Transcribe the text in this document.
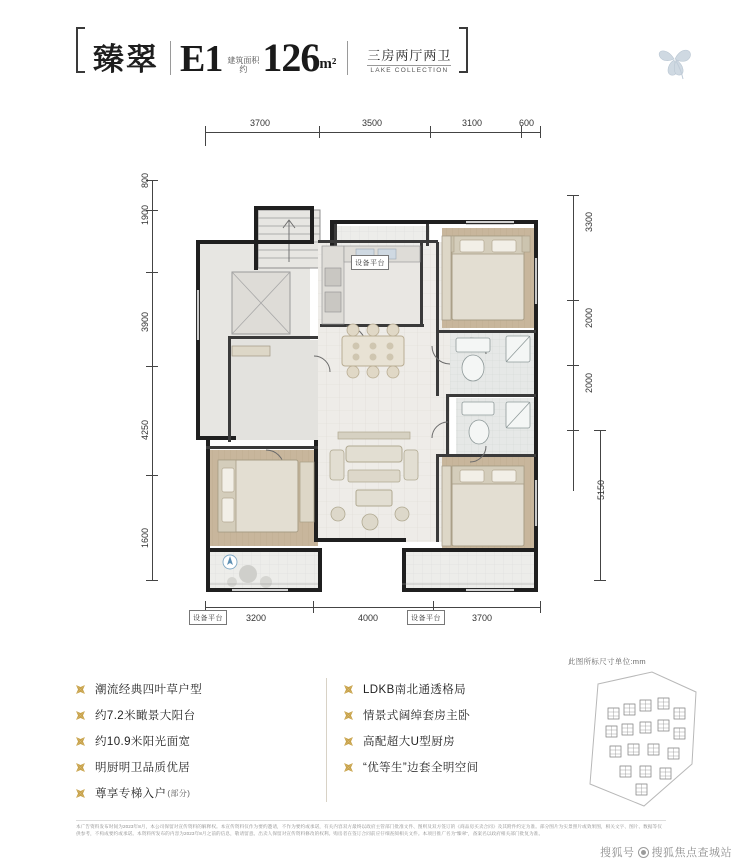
臻翠 E1 建筑面积
约 126 m²
三房两厅两卫
LAKE COLLECTION
3700	3500	3100	600
800
1900
3900
4250
1600
3300
2000
2000
5150
3200	4000	3700
设备平台
设备平台	设备平台
此图所标尺寸单位:mm
潮流经典四叶草户型
约7.2米瞰景大阳台
约10.9米阳光面宽
明厨明卫品质优居
尊享专梯入户 (部分)
LDKB南北通透格局
情景式阔绰套房主卧
高配超大U型厨房
“优等生”边套全明空间
本广告资料发布时间为2023年8月，本公司保留对宣传资料的解释权。本宣传资料仅作为要约邀请，不作为要约或承诺，有关内容双方最终以政府主管部门批准文件、图则及双方签订的《商品房买卖合同》及其附件约定为准。部分图片为实景照片或效果图，相关文字、图片、数据等仅供参考，不构成要约或承诺。本资料所发布的内容为2023年8月之前的信息，敬请留意。出卖人保留对宣传资料修改的权利。购房者在签订合同前应仔细查阅相关文件。本项目推广名为“臻翠”，备案名以政府相关部门批复为准。
搜狐号 搜狐焦点查城站
